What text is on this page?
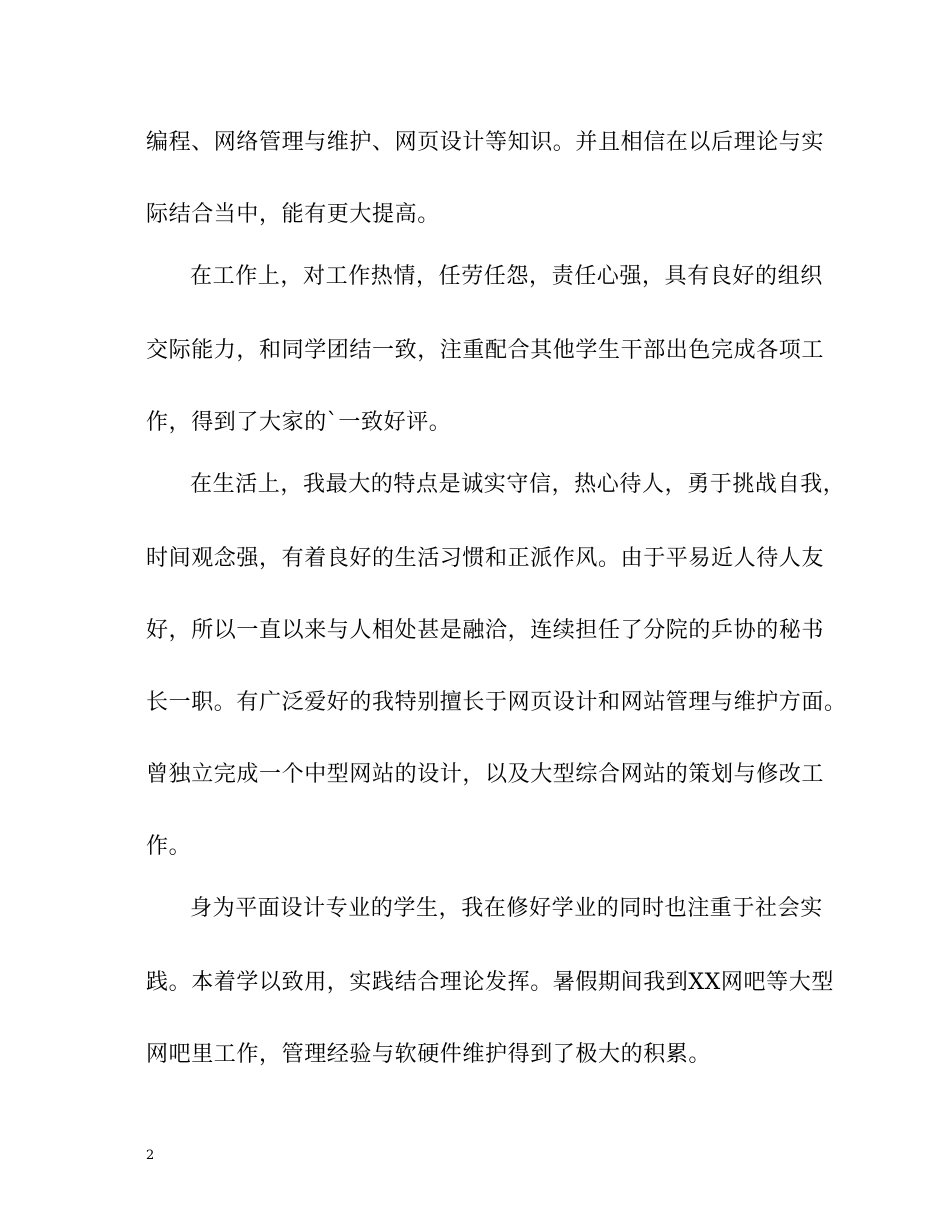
编程、网络管理与维护、网页设计等知识。并且相信在以后理论与实
际结合当中，能有更大提高。
在工作上，对工作热情，任劳任怨，责任心强，具有良好的组织
交际能力，和同学团结一致，注重配合其他学生干部出色完成各项工
作，得到了大家的`一致好评。
在生活上，我最大的特点是诚实守信，热心待人，勇于挑战自我，
时间观念强，有着良好的生活习惯和正派作风。由于平易近人待人友
好，所以一直以来与人相处甚是融洽，连续担任了分院的乒协的秘书
长一职。有广泛爱好的我特别擅长于网页设计和网站管理与维护方面。
曾独立完成一个中型网站的设计，以及大型综合网站的策划与修改工
作。
身为平面设计专业的学生，我在修好学业的同时也注重于社会实
践。本着学以致用，实践结合理论发挥。暑假期间我到XX网吧等大型
网吧里工作，管理经验与软硬件维护得到了极大的积累。
2
